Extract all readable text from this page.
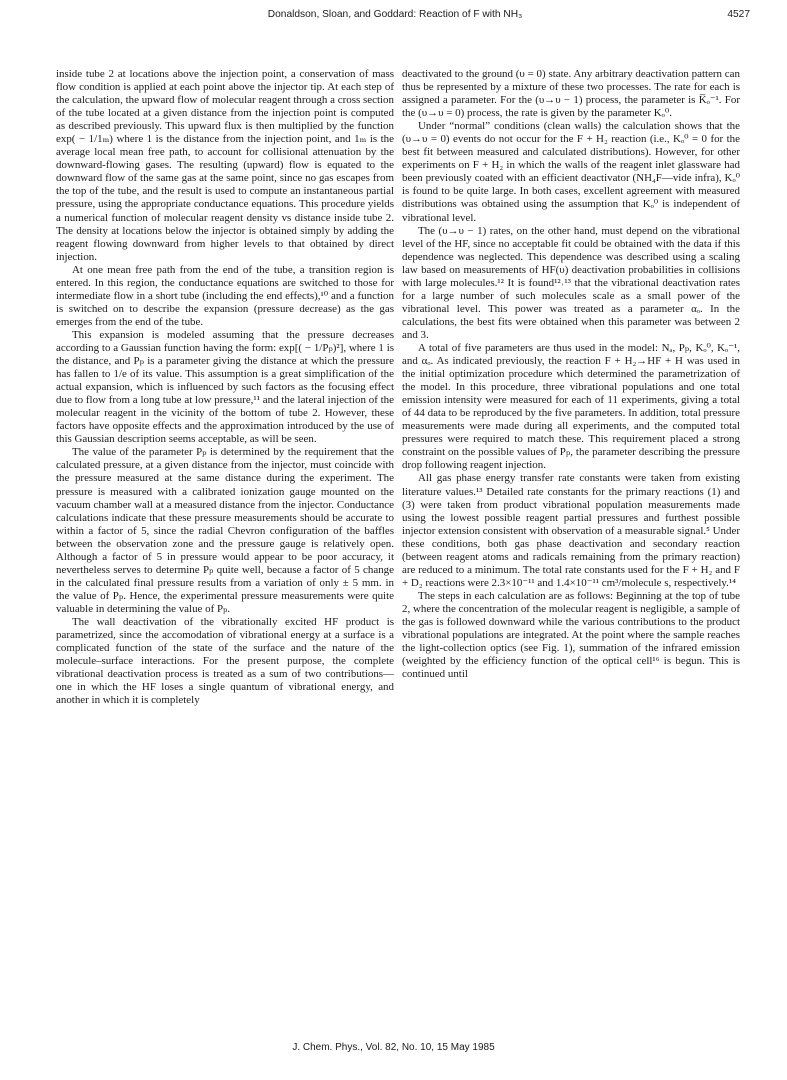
Donaldson, Sloan, and Goddard: Reaction of F with NH₃	4527

inside tube 2 at locations above the injection point, a conservation of mass flow condition is applied at each point above the injector tip. At each step of the calculation, the upward flow of molecular reagent through a cross section of the tube located at a given distance from the injection point is computed as described previously. This upward flux is then multiplied by the function exp( − 1/1ₘ) where 1 is the distance from the injection point, and 1ₘ is the average local mean free path, to account for collisional attenuation by the downward-flowing gases. The resulting (upward) flow is equated to the downward flow of the same gas at the same point, since no gas escapes from the top of the tube, and the result is used to compute an instantaneous partial pressure, using the appropriate conductance equations. This procedure yields a numerical function of molecular reagent density vs distance inside tube 2. The density at locations below the injector is obtained simply by adding the reagent flowing downward from higher levels to that obtained by direct injection.

At one mean free path from the end of the tube, a transition region is entered. In this region, the conductance equations are switched to those for intermediate flow in a short tube (including the end effects),¹⁰ and a function is switched on to describe the expansion (pressure decrease) as the gas emerges from the end of the tube.

This expansion is modeled assuming that the pressure decreases according to a Gaussian function having the form: exp[( − 1/Pₚ)²], where 1 is the distance, and Pₚ is a parameter giving the distance at which the pressure has fallen to 1/e of its value. This assumption is a great simplification of the actual expansion, which is influenced by such factors as the focusing effect due to flow from a long tube at low pressure,¹¹ and the lateral injection of the molecular reagent in the vicinity of the bottom of tube 2. However, these factors have opposite effects and the approximation introduced by the use of this Gaussian description seems acceptable, as will be seen.

The value of the parameter Pₚ is determined by the requirement that the calculated pressure, at a given distance from the injector, must coincide with the pressure measured at the same distance during the experiment. The pressure is measured with a calibrated ionization gauge mounted on the vacuum chamber wall at a measured distance from the injector. Conductance calculations indicate that these pressure measurements should be accurate to within a factor of 5, since the radial Chevron configuration of the baffles between the observation zone and the pressure gauge is relatively open. Although a factor of 5 in pressure would appear to be poor accuracy, it nevertheless serves to determine Pₚ quite well, because a factor of 5 change in the calculated final pressure results from a variation of only ± 5 mm. in the value of Pₚ. Hence, the experimental pressure measurements were quite valuable in determining the value of Pₚ.

The wall deactivation of the vibrationally excited HF product is parametrized, since the accomodation of vibrational energy at a surface is a complicated function of the state of the surface and the nature of the molecule–surface interactions. For the present purpose, the complete vibrational deactivation process is treated as a sum of two contributions—one in which the HF loses a single quantum of vibrational energy, and another in which it is completely

deactivated to the ground (υ = 0) state. Any arbitrary deactivation pattern can thus be represented by a mixture of these two processes. The rate for each is assigned a parameter. For the (υ→υ − 1) process, the parameter is K̅ₒ⁻¹. For the (υ→υ = 0) process, the rate is given by the parameter Kₒ⁰.

Under “normal” conditions (clean walls) the calculation shows that the (υ→υ = 0) events do not occur for the F + H₂ reaction (i.e., Kₒ⁰ = 0 for the best fit between measured and calculated distributions). However, for other experiments on F + H₂ in which the walls of the reagent inlet glassware had been previously coated with an efficient deactivator (NH₄F—vide infra), Kₒ⁰ is found to be quite large. In both cases, excellent agreement with measured distributions was obtained using the assumption that Kₒ⁰ is independent of vibrational level.

The (υ→υ − 1) rates, on the other hand, must depend on the vibrational level of the HF, since no acceptable fit could be obtained with the data if this dependence was neglected. This dependence was described using a scaling law based on measurements of HF(υ) deactivation probabilities in collisions with large molecules.¹² It is found¹²˒¹³ that the vibrational deactivation rates for a large number of such molecules scale as a small power of the vibrational level. This power was treated as a parameter αₒ. In the calculations, the best fits were obtained when this parameter was between 2 and 3.

A total of five parameters are thus used in the model: Nₐ, Pₚ, Kₒ⁰, Kₒ⁻¹, and αₒ. As indicated previously, the reaction F + H₂→HF + H was used in the initial optimization procedure which determined the parametrization of the model. In this procedure, three vibrational populations and one total emission intensity were measured for each of 11 experiments, giving a total of 44 data to be reproduced by the five parameters. In addition, total pressure measurements were made during all experiments, and the computed total pressures were required to match these. This requirement placed a strong constraint on the possible values of Pₚ, the parameter describing the pressure drop following reagent injection.

All gas phase energy transfer rate constants were taken from existing literature values.¹³ Detailed rate constants for the primary reactions (1) and (3) were taken from product vibrational population measurements made using the lowest possible reagent partial pressures and furthest possible injector extension consistent with observation of a measurable signal.⁵ Under these conditions, both gas phase deactivation and secondary reaction (between reagent atoms and radicals remaining from the primary reaction) are reduced to a minimum. The total rate constants used for the F + H₂ and F + D₂ reactions were 2.3×10⁻¹¹ and 1.4×10⁻¹¹ cm³/molecule s, respectively.¹⁴

The steps in each calculation are as follows: Beginning at the top of tube 2, where the concentration of the molecular reagent is negligible, a sample of the gas is followed downward while the various contributions to the product vibrational populations are integrated. At the point where the sample reaches the light-collection optics (see Fig. 1), summation of the infrared emission (weighted by the efficiency function of the optical cell¹⁶ is begun. This is continued until

J. Chem. Phys., Vol. 82, No. 10, 15 May 1985
